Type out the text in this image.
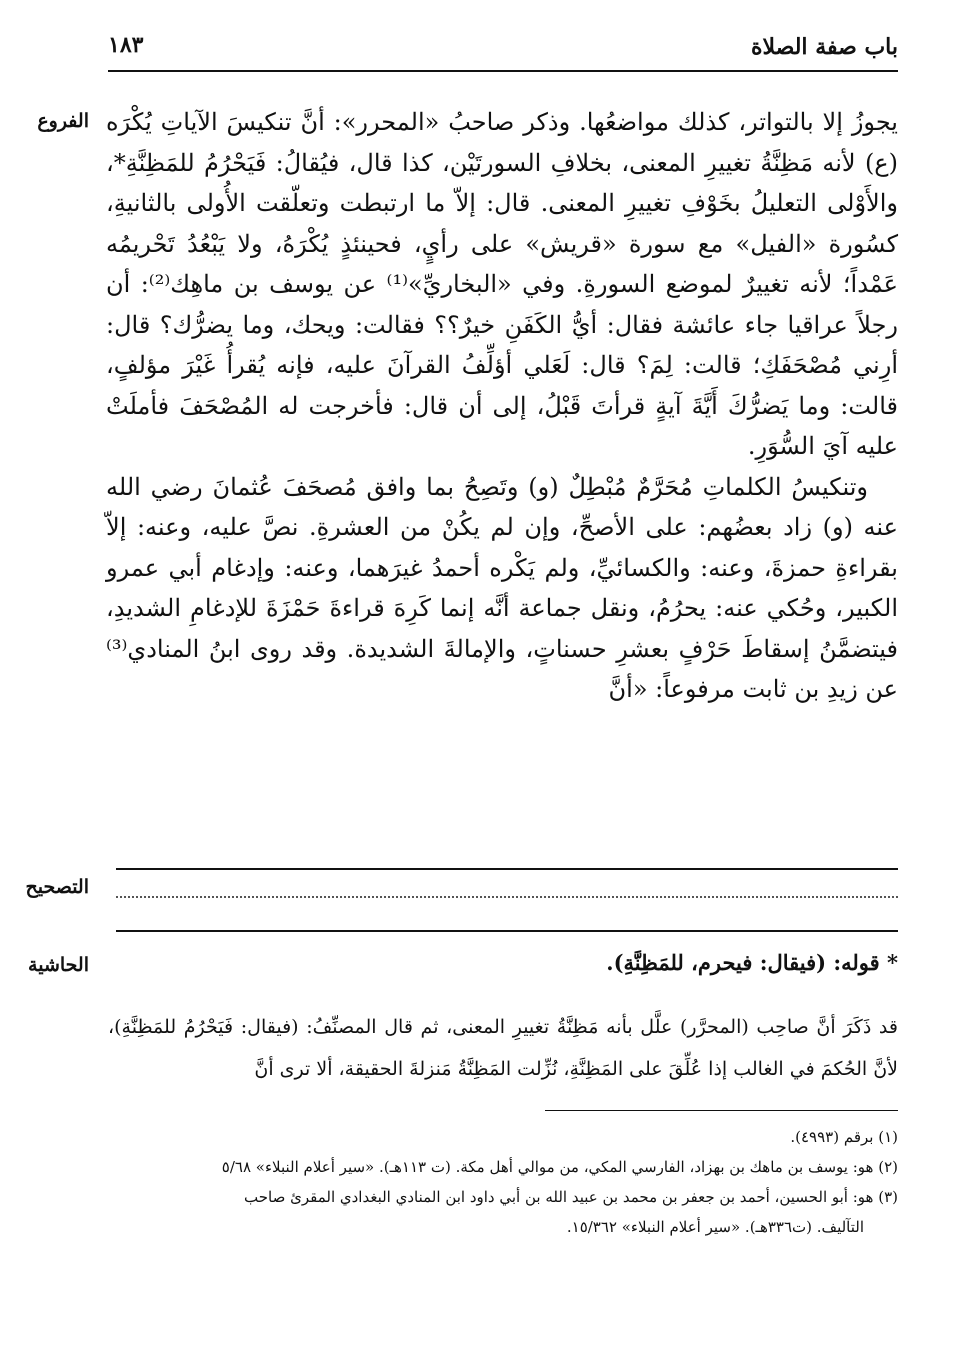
باب صفة الصلاة
١٨٣
الفروع
التصحيح
الحاشية

يجوزُ إلا بالتواتر، كذلك مواضعُها. وذكر صاحبُ «المحرر»: أنَّ تنكيسَ الآياتِ يُكْرَه (ع) لأنه مَظِنَّةُ تغييرِ المعنى، بخلافِ السورتَيْن، كذا قال، فيُقالُ: فَيَحْرُمُ للمَظِنَّةِ*، والأَوْلى التعليلُ بخَوْفِ تغييرِ المعنى. قال: إلاّ ما ارتبطت وتعلّقت الأُولى بالثانيةِ، كسُورة «الفيل» مع سورة «قريش» على رأيٍ، فحينئذٍ يُكْرَهُ، ولا يَبْعُدُ تَحْريمُه عَمْداً؛ لأنه تغييرٌ لموضع السورةِ. وفي «البخاريِّ»⁽¹⁾ عن يوسف بن ماهِك⁽²⁾: أن رجلاً عراقيا جاء عائشة فقال: أيُّ الكَفَنِ خيرٌ؟؟ فقالت: ويحك، وما يضرُّك؟ قال: أرِني مُصْحَفَكِ؛ قالت: لِمَ؟ قال: لَعَلي أؤلِّفُ القرآنَ عليه، فإنه يُقرأُ غَيْرَ مؤلفٍ، قالت: وما يَضرُّكَ أَيَّةَ آيةٍ قرأتَ قَبْلُ، إلى أن قال: فأخرجت له المُصْحَفَ فأملَتْ عليه آيَ السُّوَرِ.

وتنكيسُ الكلماتِ مُحَرَّمٌ مُبْطِلٌ (و) وتَصِحُ بما وافق مُصحَفَ عُثمانَ رضي الله عنه (و) زاد بعضُهم: على الأصحِّ، وإن لم يكُنْ من العشرةِ. نصَّ عليه، وعنه: إلاّ بقراءةِ حمزةَ، وعنه: والكسائيِّ، ولم يَكْره أحمدُ غيرَهما، وعنه: وإدغام أبي عمرو الكبير، وحُكي عنه: يحرُمُ، ونقل جماعة أنَّه إنما كَرِهَ قراءةَ حَمْزَةَ للإدغامِ الشديدِ، فيتضمَّنُ إسقاطَ حَرْفٍ بعشرِ حسناتٍ، والإمالةَ الشديدة. وقد روى ابنُ المنادي⁽³⁾ عن زيدِ بن ثابت مرفوعاً: «أنَّ

* قوله: (فيقال: فيحرم، للمَظِنَّةِ).
قد ذَكَرَ أنَّ صاحِب (المحرَّر) علَّل بأنه مَظِنَّةُ تغييرِ المعنى، ثم قال المصنِّفُ: (فيقال: فَيَحْرُمُ للمَظِنَّةِ)، لأنَّ الحُكمَ في الغالب إذا عُلِّقَ على المَظِنَّةِ، نُزِّلت المَظِنَّةُ مَنزلةَ الحقيقة، ألا ترى أنَّ
(١) برقم (٤٩٩٣).
(٢) هو: يوسف بن ماهك بن بهزاد، الفارسي المكي، من موالي أهل مكة. (ت ١١٣هـ). «سير أعلام النبلاء» ٥/٦٨
(٣) هو: أبو الحسين، أحمد بن جعفر بن محمد بن عبيد الله بن أبي داود ابن المنادي البغدادي المقرئ صاحب
التآليف. (ت٣٣٦هـ). «سير أعلام النبلاء» ١٥/٣٦٢.
